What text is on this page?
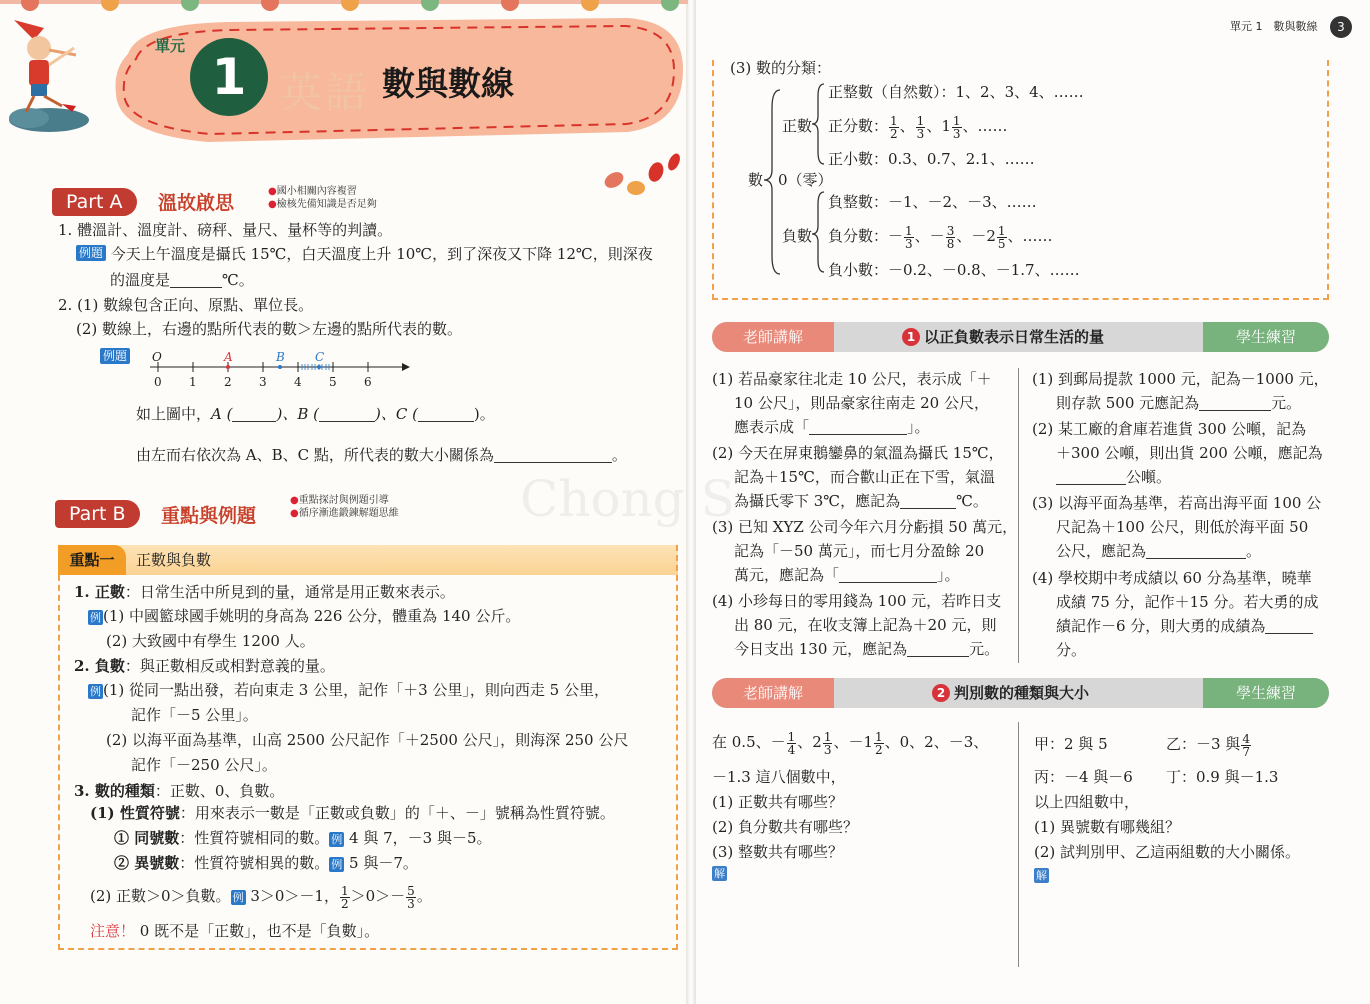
英語
單元
1	數與數線
Part A	溫故啟思
●國小相關內容複習
●檢核先備知識是否足夠
1. 體溫計、溫度計、磅秤、量尺、量杯等的判讀。
例題 今天上午溫度是攝氏 15℃，白天溫度上升 10℃，到了深夜又下降 12℃，則深夜
的溫度是	℃。
2. (1) 數線包含正向、原點、單位長。
(2) 數線上，右邊的點所代表的數＞左邊的點所代表的數。
例題 O	A	B	C
0 1 2 3 4 5 6
如上圖中，A (	)、B (	)、C (	)。
由左而右依次為 A、B、C 點，所代表的數大小關係為	。
Part B	重點與例題
●重點探討與例題引導
●循序漸進鍛鍊解題思維
重點一	正數與負數
1. 正數：日常生活中所見到的量，通常是用正數來表示。
例 (1) 中國籃球國手姚明的身高為 226 公分，體重為 140 公斤。
(2) 大致國中有學生 1200 人。
2. 負數：與正數相反或相對意義的量。
例 (1) 從同一點出發，若向東走 3 公里，記作「＋3 公里」，則向西走 5 公里，
記作「－5 公里」。
(2) 以海平面為基準，山高 2500 公尺記作「＋2500 公尺」，則海深 250 公尺
記作「－250 公尺」。
3. 數的種類：正數、0、負數。
(1) 性質符號：用來表示一數是「正數或負數」的「＋、－」號稱為性質符號。
① 同號數：性質符號相同的數。 例 4 與 7，－3 與－5。
② 異號數：性質符號相異的數。 例 5 與－7。
(2) 正數＞0＞負數。 例 3＞0＞－1， $\frac{1}{2} >0>- \frac{5}{3}$ 。
注意！ 0 既不是「正數」，也不是「負數」。
單元 1　數與數線	3
(3) 數的分類：
數
正數
0（零）
負數
正整數（自然數）：1、2、3、4、……
正分數： $\frac{1}{2}$ 、 $\frac{1}{3}$ 、$1 \frac{1}{3}$ 、……
正小數：0.3、0.7、2.1、……
負整數：－1、－2、－3、……
負分數：－ $\frac{1}{3}$ 、－ $\frac{3}{8}$ 、$-2 \frac{1}{5}$ 、……
負小數：－0.2、－0.8、－1.7、……
老師講解	1 以正負數表示日常生活的量	學生練習
(1) 若品豪家往北走 10 公尺，表示成「＋
10 公尺」，則品豪家往南走 20 公尺，
應表示成「	」。
(2) 今天在屏東鵝鑾鼻的氣溫為攝氏 15℃，
記為＋15℃，而合歡山正在下雪，氣溫
為攝氏零下 3℃，應記為	℃。
(3) 已知 XYZ 公司今年六月分虧損 50 萬元，
記為「－50 萬元」，而七月分盈餘 20
萬元，應記為「	」。
(4) 小珍每日的零用錢為 100 元，若昨日支
出 80 元，在收支簿上記為＋20 元，則
今日支出 130 元，應記為	元。
(1) 到郵局提款 1000 元，記為－1000 元，
則存款 500 元應記為	元。
(2) 某工廠的倉庫若進貨 300 公噸，記為
＋300 公噸，則出貨 200 公噸，應記為
公噸。
(3) 以海平面為基準，若高出海平面 100 公
尺記為＋100 公尺，則低於海平面 50
公尺，應記為	。
(4) 學校期中考成績以 60 分為基準，曉華
成績 75 分，記作＋15 分。若大勇的成
績記作－6 分，則大勇的成績為
分。
老師講解	2 判別數的種類與大小	學生練習
在 0.5、－ $\frac{1}{4}$ 、$2 \frac{1}{3}$ 、$-1 \frac{1}{2}$ 、0、2、－3、
－1.3 這八個數中，
(1) 正數共有哪些？
(2) 負分數共有哪些？
(3) 整數共有哪些？
解
甲：2 與 5	乙：－3 與 $\frac{4}{7}$
丙：－4 與－6 丁：0.9 與－1.3
以上四組數中，
(1) 異號數有哪幾組？
(2) 試判別甲、乙這兩組數的大小關係。
解
Chong S
